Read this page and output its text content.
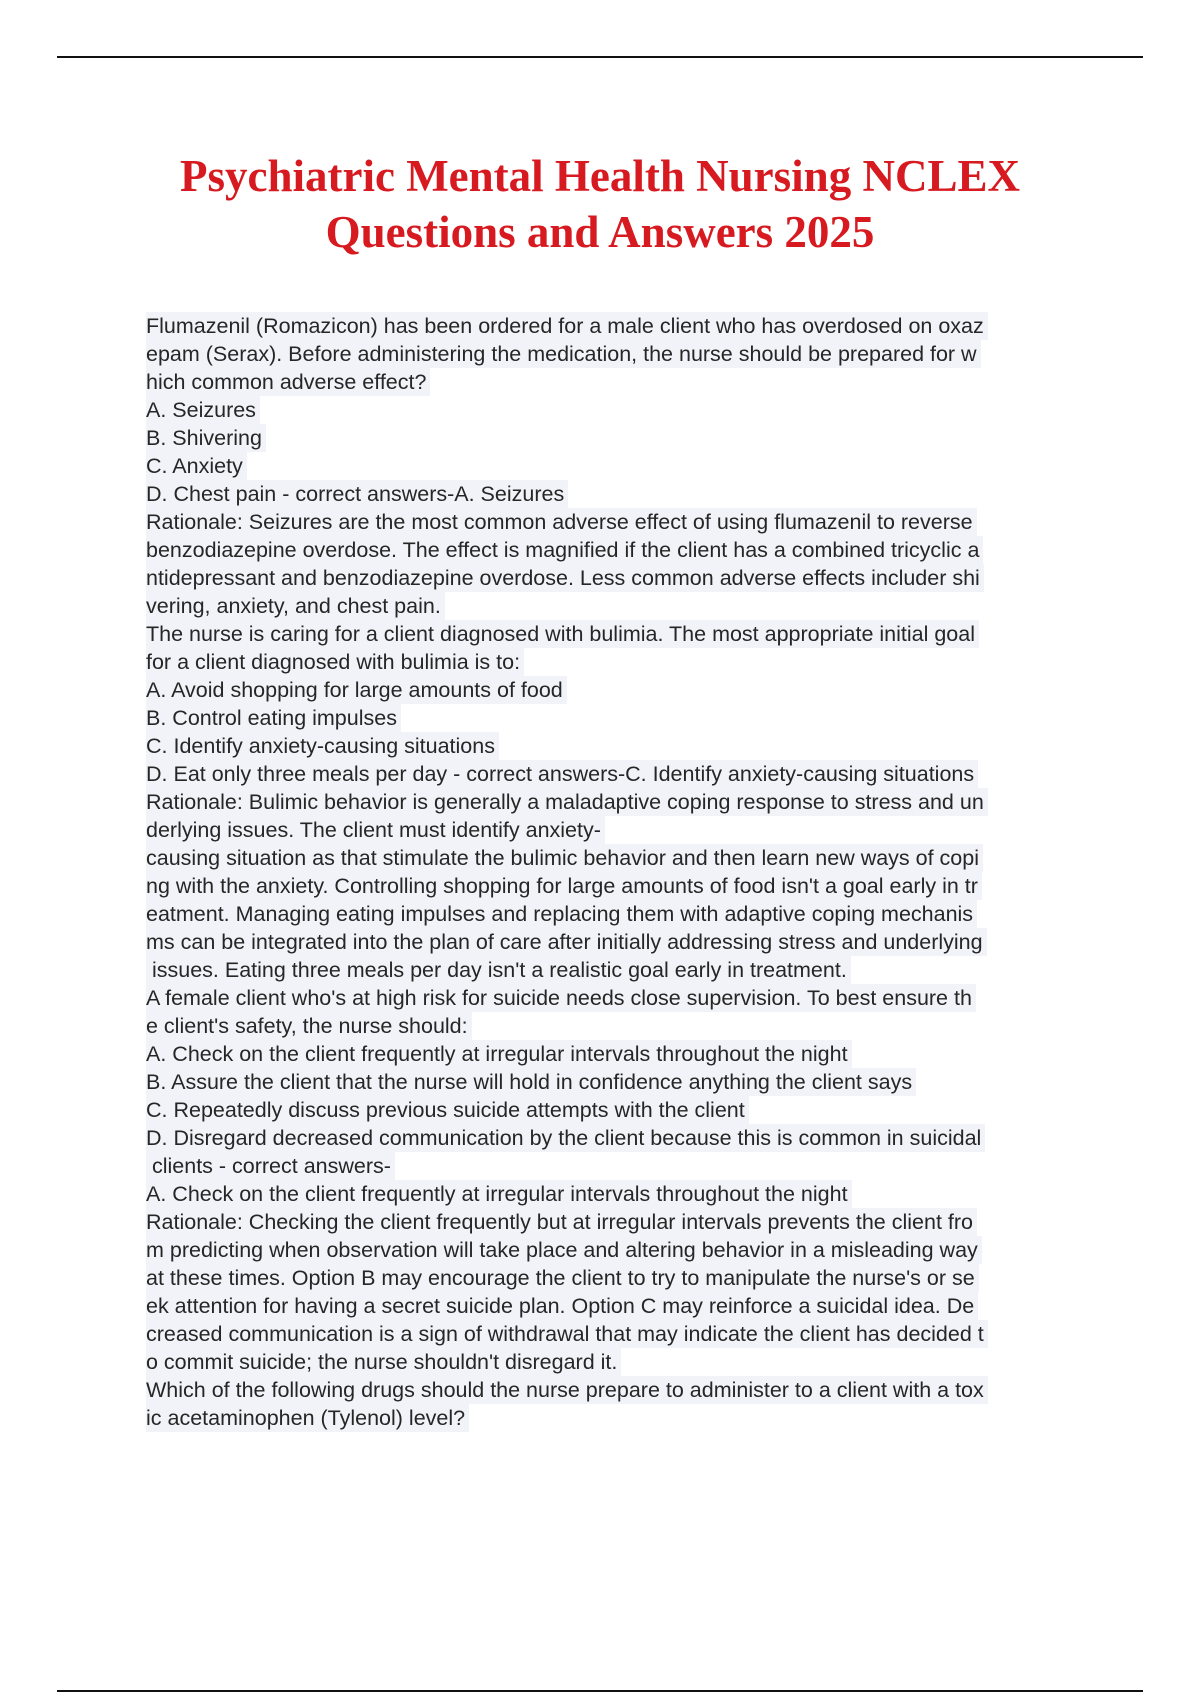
Psychiatric Mental Health Nursing NCLEX
Questions and Answers 2025
Flumazenil (Romazicon) has been ordered for a male client who has overdosed on oxaz
epam (Serax). Before administering the medication, the nurse should be prepared for w
hich common adverse effect?
A. Seizures
B. Shivering
C. Anxiety
D. Chest pain - correct answers-A. Seizures
Rationale: Seizures are the most common adverse effect of using flumazenil to reverse
benzodiazepine overdose. The effect is magnified if the client has a combined tricyclic a
ntidepressant and benzodiazepine overdose. Less common adverse effects includer shi
vering, anxiety, and chest pain.
The nurse is caring for a client diagnosed with bulimia. The most appropriate initial goal
for a client diagnosed with bulimia is to:
A. Avoid shopping for large amounts of food
B. Control eating impulses
C. Identify anxiety-causing situations
D. Eat only three meals per day - correct answers-C. Identify anxiety-causing situations
Rationale: Bulimic behavior is generally a maladaptive coping response to stress and un
derlying issues. The client must identify anxiety-
causing situation as that stimulate the bulimic behavior and then learn new ways of copi
ng with the anxiety. Controlling shopping for large amounts of food isn't a goal early in tr
eatment. Managing eating impulses and replacing them with adaptive coping mechanis
ms can be integrated into the plan of care after initially addressing stress and underlying
issues. Eating three meals per day isn't a realistic goal early in treatment.
A female client who's at high risk for suicide needs close supervision. To best ensure th
e client's safety, the nurse should:
A. Check on the client frequently at irregular intervals throughout the night
B. Assure the client that the nurse will hold in confidence anything the client says
C. Repeatedly discuss previous suicide attempts with the client
D. Disregard decreased communication by the client because this is common in suicidal
clients - correct answers-
A. Check on the client frequently at irregular intervals throughout the night
Rationale: Checking the client frequently but at irregular intervals prevents the client fro
m predicting when observation will take place and altering behavior in a misleading way
at these times. Option B may encourage the client to try to manipulate the nurse's or se
ek attention for having a secret suicide plan. Option C may reinforce a suicidal idea. De
creased communication is a sign of withdrawal that may indicate the client has decided t
o commit suicide; the nurse shouldn't disregard it.
Which of the following drugs should the nurse prepare to administer to a client with a tox
ic acetaminophen (Tylenol) level?
